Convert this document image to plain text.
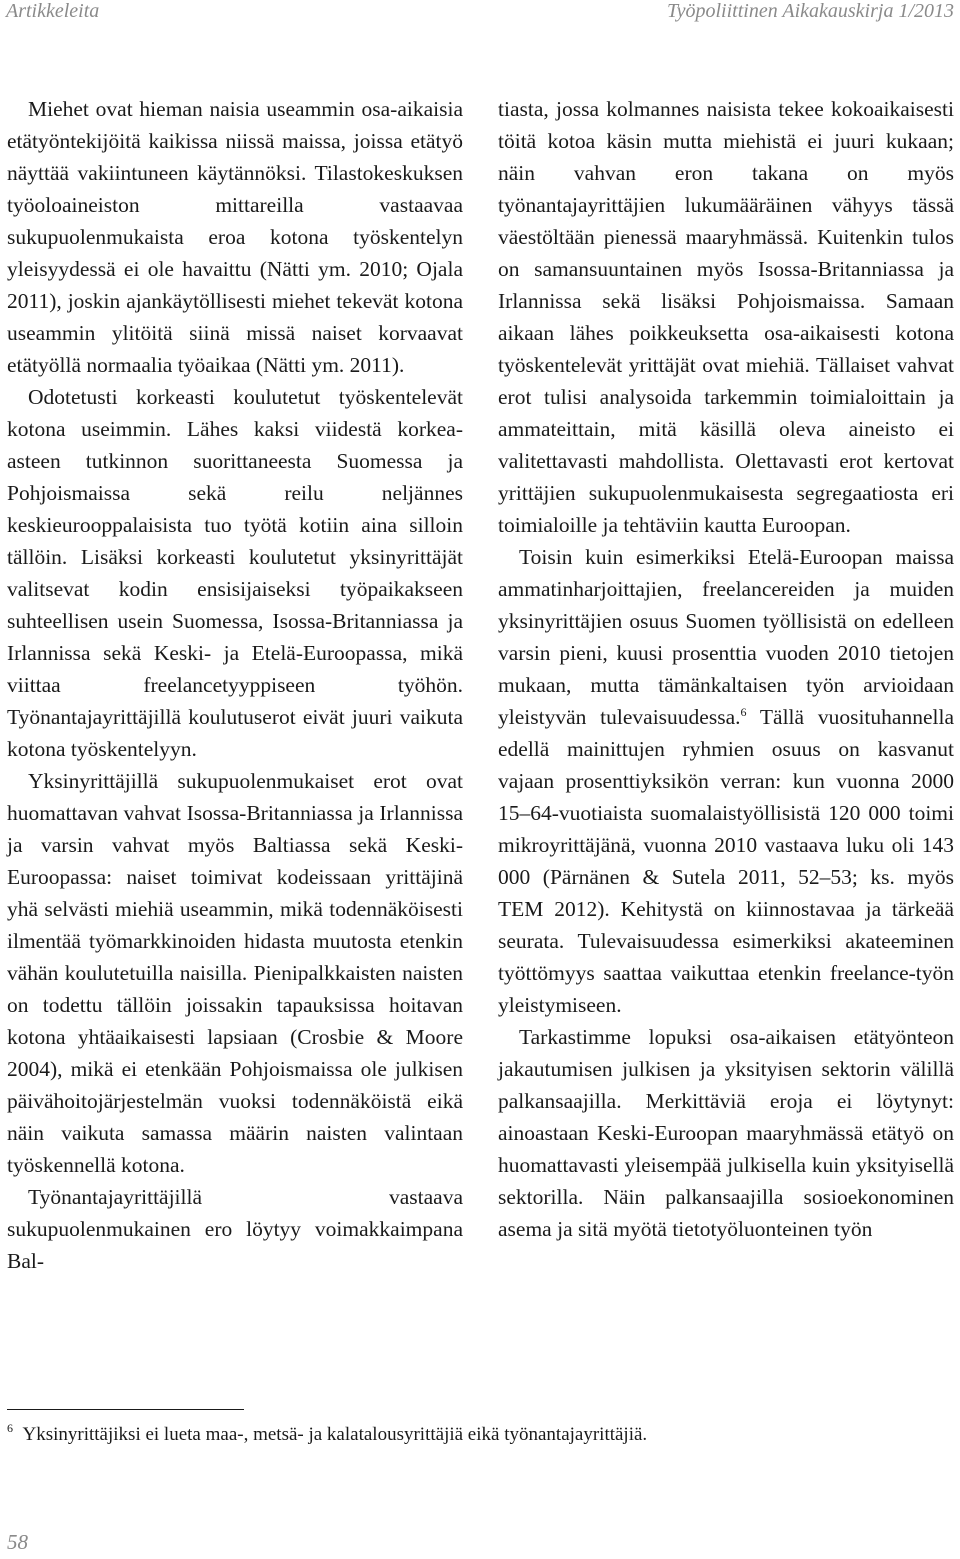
Artikkeleita	Työpoliittinen Aikakauskirja 1/2013

Miehet ovat hieman naisia useammin osa-aikaisia etätyöntekijöitä kaikissa niissä maissa, joissa etätyö näyttää vakiintuneen käytännöksi. Tilastokeskuksen työoloaineiston mittareilla vastaavaa sukupuolenmukaista eroa kotona työskentelyn yleisyydessä ei ole havaittu (Nätti ym. 2010; Ojala 2011), joskin ajankäytöllisesti miehet tekevät kotona useammin ylitöitä siinä missä naiset korvaavat etätyöllä normaalia työaikaa (Nätti ym. 2011).

Odotetusti korkeasti koulutetut työskentelevät kotona useimmin. Lähes kaksi viidestä korkea-asteen tutkinnon suorittaneesta Suomessa ja Pohjoismaissa sekä reilu neljännes keskieurooppalaisista tuo työtä kotiin aina silloin tällöin. Lisäksi korkeasti koulutetut yksinyrittäjät valitsevat kodin ensisijaiseksi työpaikakseen suhteellisen usein Suomessa, Isossa-Britanniassa ja Irlannissa sekä Keski- ja Etelä-Euroopassa, mikä viittaa freelancetyyppiseen työhön. Työnantajayrittäjillä koulutuserot eivät juuri vaikuta kotona työskentelyyn.

Yksinyrittäjillä sukupuolenmukaiset erot ovat huomattavan vahvat Isossa-Britanniassa ja Irlannissa ja varsin vahvat myös Baltiassa sekä Keski-Euroopassa: naiset toimivat kodeissaan yrittäjinä yhä selvästi miehiä useammin, mikä todennäköisesti ilmentää työmarkkinoiden hidasta muutosta etenkin vähän koulutetuilla naisilla. Pienipalkkaisten naisten on todettu tällöin joissakin tapauksissa hoitavan kotona yhtäaikaisesti lapsiaan (Crosbie & Moore 2004), mikä ei etenkään Pohjoismaissa ole julkisen päivähoitojärjestelmän vuoksi todennäköistä eikä näin vaikuta samassa määrin naisten valintaan työskennellä kotona.

Työnantajayrittäjillä vastaava sukupuolenmukainen ero löytyy voimakkaimpana Bal-

tiasta, jossa kolmannes naisista tekee kokoaikaisesti töitä kotoa käsin mutta miehistä ei juuri kukaan; näin vahvan eron takana on myös työnantajayrittäjien lukumääräinen vähyys tässä väestöltään pienessä maaryhmässä. Kuitenkin tulos on samansuuntainen myös Isossa-Britanniassa ja Irlannissa sekä lisäksi Pohjoismaissa. Samaan aikaan lähes poikkeuksetta osa-aikaisesti kotona työskentelevät yrittäjät ovat miehiä. Tällaiset vahvat erot tulisi analysoida tarkemmin toimialoittain ja ammateittain, mitä käsillä oleva aineisto ei valitettavasti mahdollista. Olettavasti erot kertovat yrittäjien sukupuolenmukaisesta segregaatiosta eri toimialoille ja tehtäviin kautta Euroopan.

Toisin kuin esimerkiksi Etelä-Euroopan maissa ammatinharjoittajien, freelancereiden ja muiden yksinyrittäjien osuus Suomen työllisistä on edelleen varsin pieni, kuusi prosenttia vuoden 2010 tietojen mukaan, mutta tämänkaltaisen työn arvioidaan yleistyvän tulevaisuudessa.$^6$ Tällä vuosituhannella edellä mainittujen ryhmien osuus on kasvanut vajaan prosenttiyksikön verran: kun vuonna 2000 15–64-vuotiaista suomalaistyöllisistä 120 000 toimi mikroyrittäjänä, vuonna 2010 vastaava luku oli 143 000 (Pärnänen & Sutela 2011, 52–53; ks. myös TEM 2012). Kehitystä on kiinnostavaa ja tärkeää seurata. Tulevaisuudessa esimerkiksi akateeminen työttömyys saattaa vaikuttaa etenkin freelance-työn yleistymiseen.

Tarkastimme lopuksi osa-aikaisen etätyönteon jakautumisen julkisen ja yksityisen sektorin välillä palkansaajilla. Merkittäviä eroja ei löytynyt: ainoastaan Keski-Euroopan maaryhmässä etätyö on huomattavasti yleisempää julkisella kuin yksityisellä sektorilla. Näin palkansaajilla sosioekonominen asema ja sitä myötä tietotyöluonteinen työn

$^6$ Yksinyrittäjiksi ei lueta maa-, metsä- ja kalatalousyrittäjiä eikä työnantajayrittäjiä.
58
